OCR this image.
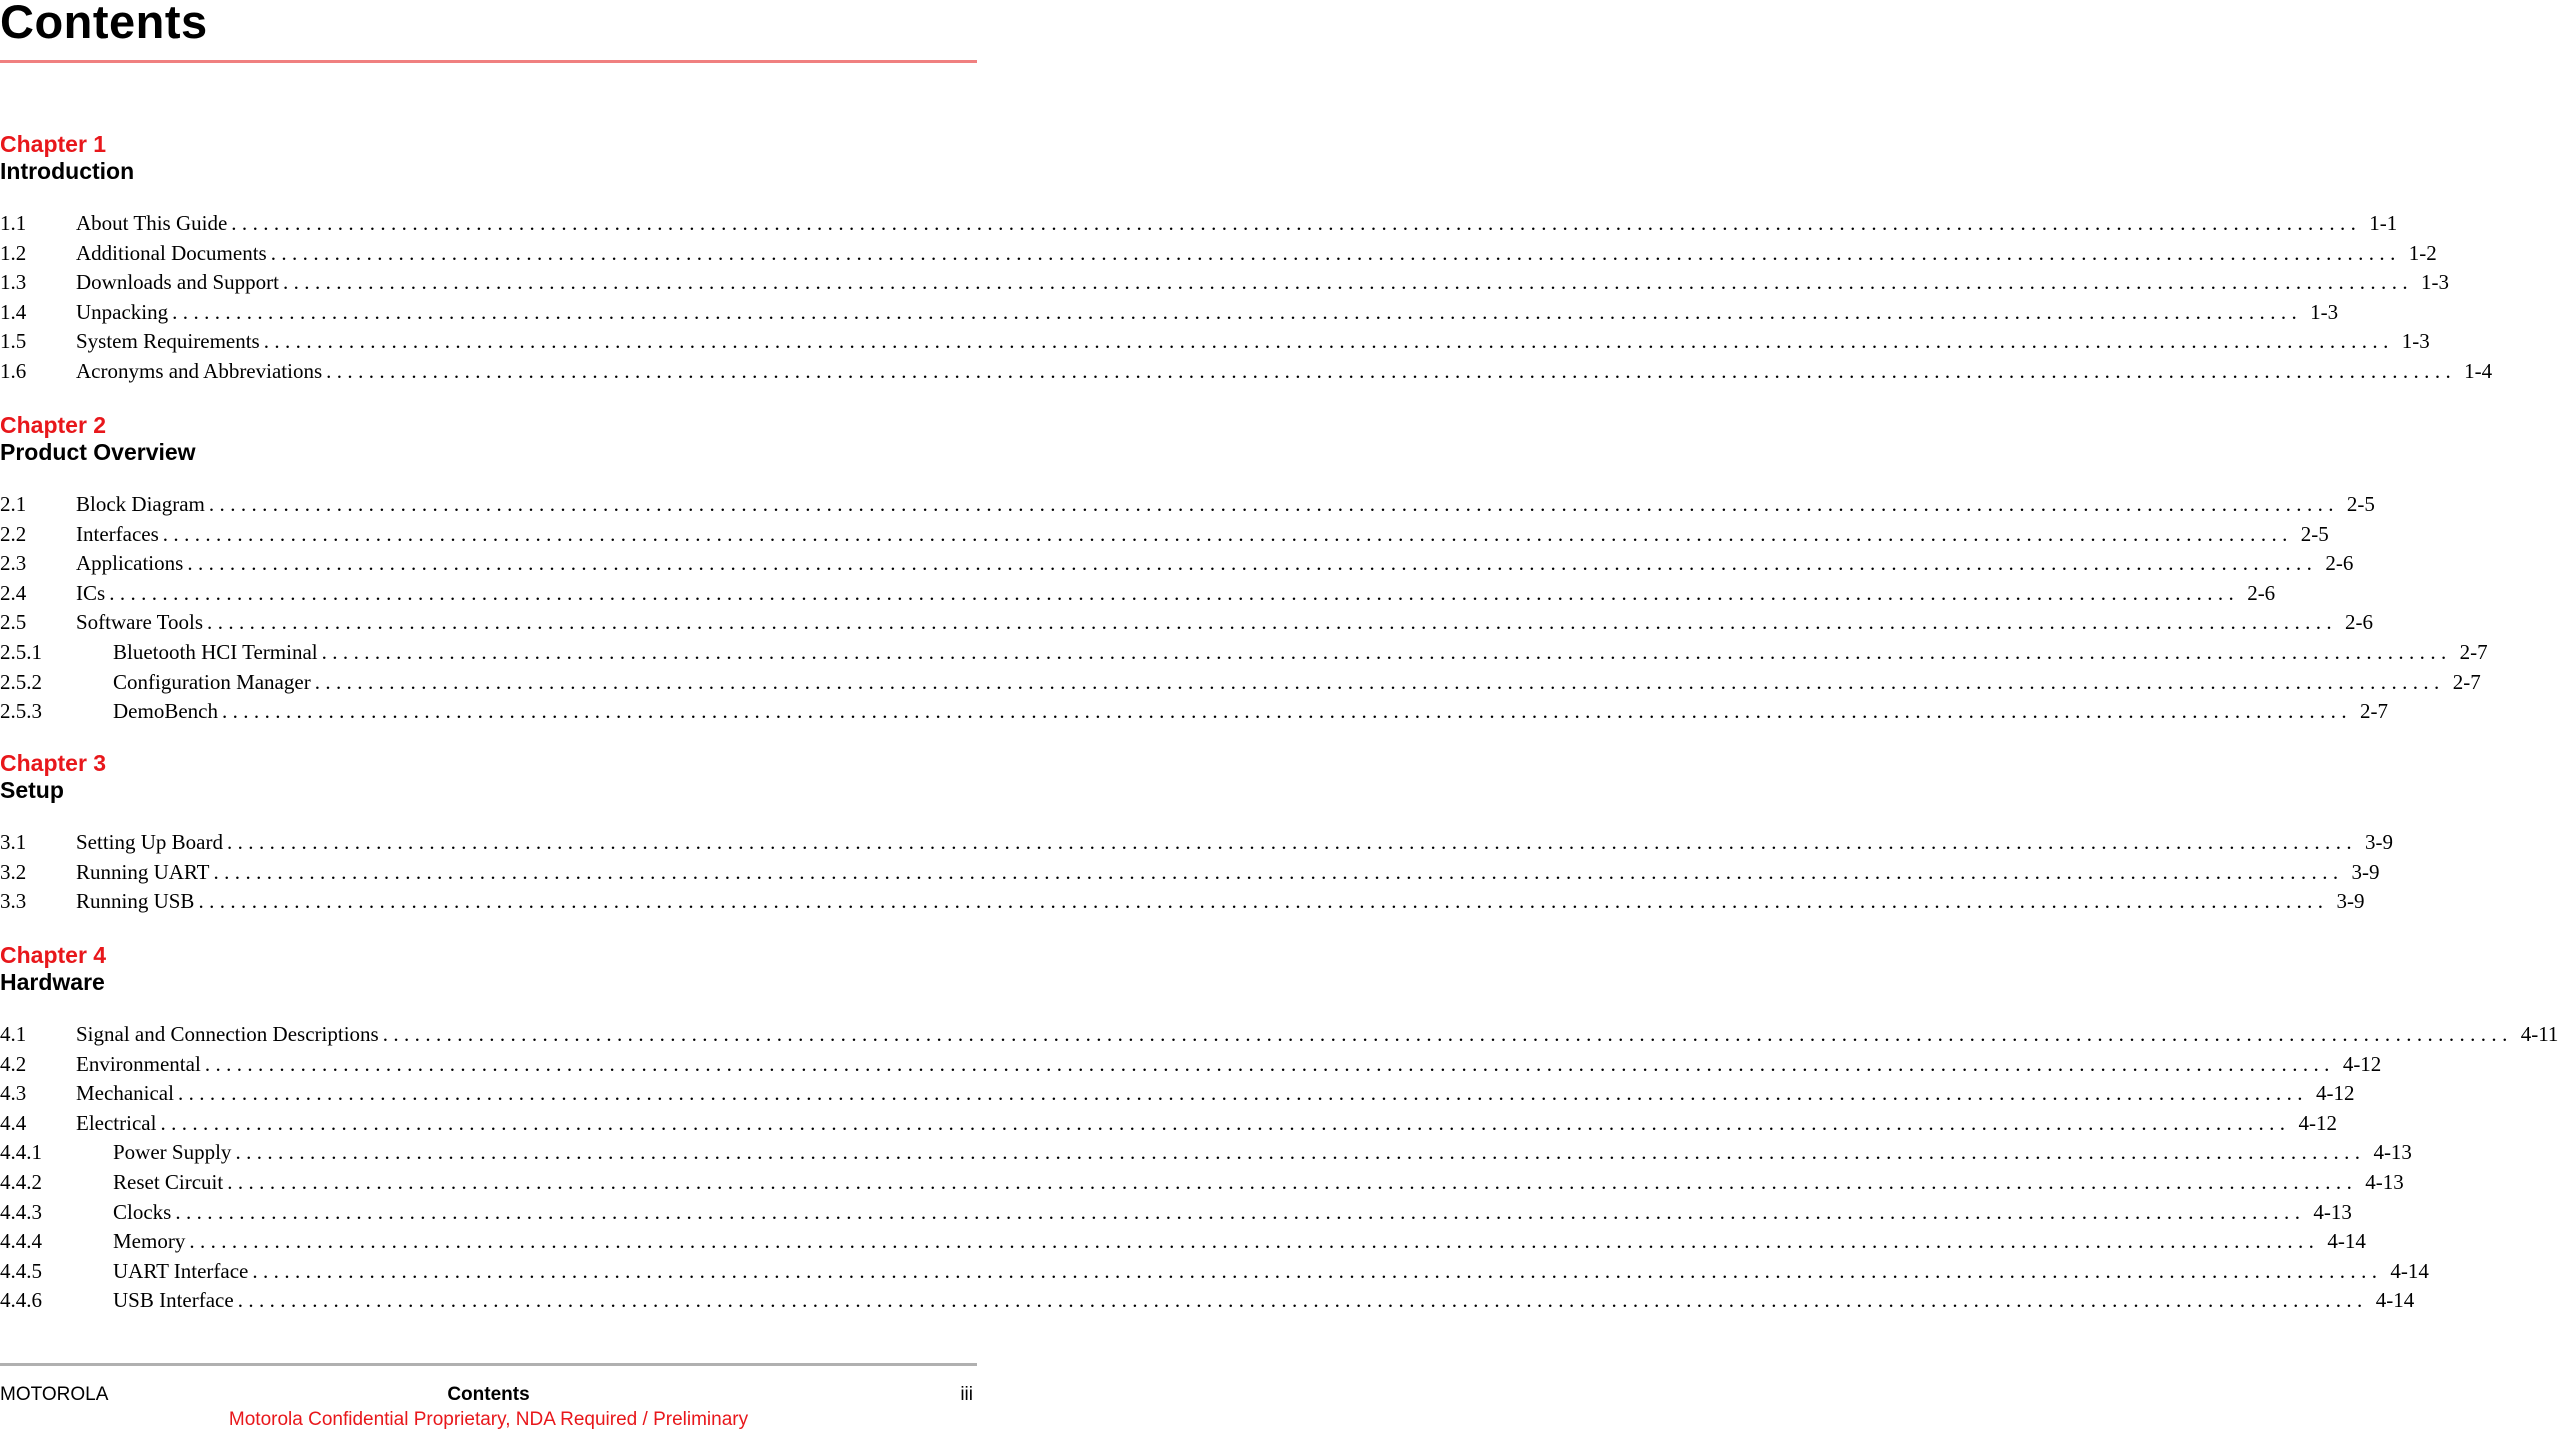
Contents
Chapter 1
Introduction
1.1 About This Guide ........................................................................................................................................................................................................ 1-1
1.2 Additional Documents ........................................................................................................................................................................................................ 1-2
1.3 Downloads and Support ........................................................................................................................................................................................................ 1-3
1.4 Unpacking ........................................................................................................................................................................................................ 1-3
1.5 System Requirements ........................................................................................................................................................................................................ 1-3
1.6 Acronyms and Abbreviations ........................................................................................................................................................................................................ 1-4
Chapter 2
Product Overview
2.1 Block Diagram ........................................................................................................................................................................................................ 2-5
2.2 Interfaces ........................................................................................................................................................................................................ 2-5
2.3 Applications ........................................................................................................................................................................................................ 2-6
2.4 ICs ........................................................................................................................................................................................................ 2-6
2.5 Software Tools ........................................................................................................................................................................................................ 2-6
2.5.1	Bluetooth HCI Terminal ........................................................................................................................................................................................................ 2-7
2.5.2	Configuration Manager ........................................................................................................................................................................................................ 2-7
2.5.3	DemoBench ........................................................................................................................................................................................................ 2-7
Chapter 3
Setup
3.1 Setting Up Board ........................................................................................................................................................................................................ 3-9
3.2 Running UART ........................................................................................................................................................................................................ 3-9
3.3 Running USB ........................................................................................................................................................................................................ 3-9
Chapter 4
Hardware
4.1 Signal and Connection Descriptions ........................................................................................................................................................................................................ 4-11
4.2 Environmental ........................................................................................................................................................................................................ 4-12
4.3 Mechanical ........................................................................................................................................................................................................ 4-12
4.4 Electrical ........................................................................................................................................................................................................ 4-12
4.4.1	Power Supply ........................................................................................................................................................................................................ 4-13
4.4.2	Reset Circuit ........................................................................................................................................................................................................ 4-13
4.4.3	Clocks ........................................................................................................................................................................................................ 4-13
4.4.4	Memory ........................................................................................................................................................................................................ 4-14
4.4.5	UART Interface ........................................................................................................................................................................................................ 4-14
4.4.6	USB Interface ........................................................................................................................................................................................................ 4-14
MOTOROLA	Contents	iii
Motorola Confidential Proprietary, NDA Required / Preliminary
